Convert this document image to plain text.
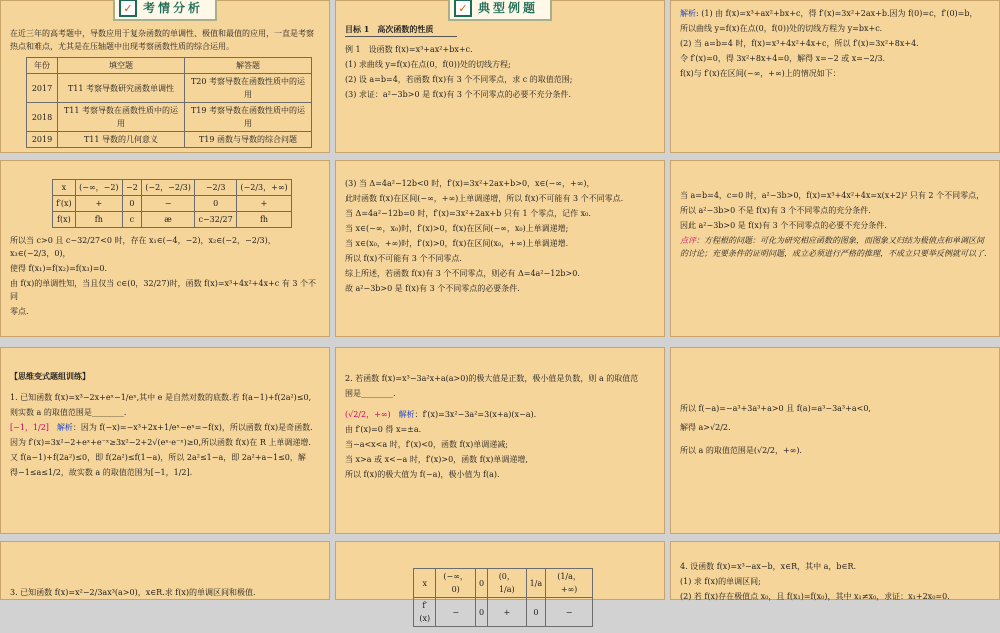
✓ 考情分析
在近三年的高考题中，导数应用于复杂函数的单调性、极值和最值的应用，一直是考察热点和难点，尤其是在压轴题中出现考察函数性质的综合运用。
年份	填空题	解答题
2017	T11 考察导数研究函数单调性	T20 考察导数在函数性质中的运用
2018	T11 考察导数在函数性质中的运用	T19 考察导数在函数性质中的运用
2019	T11 导数的几何意义	T19 函数与导数的综合问题
✓ 典型例题
目标 1　高次函数的性质
例 1　设函数 f(x)=x³+ax²+bx+c.
(1) 求曲线 y=f(x)在点(0，f(0))处的切线方程;
(2) 设 a=b=4，若函数 f(x)有 3 个不同零点，求 c 的取值范围;
(3) 求证：a²−3b>0 是 f(x)有 3 个不同零点的必要不充分条件.
解析: (1) 由 f(x)=x³+ax²+bx+c，得 f′(x)=3x²+2ax+b.因为 f(0)=c，f′(0)=b，
所以曲线 y=f(x)在点(0，f(0))处的切线方程为 y=bx+c.
(2) 当 a=b=4 时，f(x)=x³+4x²+4x+c，所以 f′(x)=3x²+8x+4.
令 f′(x)=0，得 3x²+8x+4=0，解得 x=−2 或 x=−2/3.
f(x)与 f′(x)在区间(−∞，+∞)上的情况如下：
x	(−∞，−2)	−2	(−2，−2/3)	−2/3	(−2/3，+∞)
f′(x)	+	0	−	0	+
f(x)	fh	c	æ	c−32/27	fh
所以当 c>0 且 c−32/27<0 时，存在 x₁∈(−4，−2)，x₂∈(−2，−2/3)，x₃∈(−2/3，0)，
使得 f(x₁)=f(x₂)=f(x₃)=0.
由 f(x)的单调性知，当且仅当 c∈(0，32/27)时，函数 f(x)=x³+4x²+4x+c 有 3 个不同
零点.
(3) 当 Δ=4a²−12b<0 时，f′(x)=3x²+2ax+b>0，x∈(−∞，+∞)，
此时函数 f(x)在区间(−∞，+∞)上单调递增，所以 f(x)不可能有 3 个不同零点.
当 Δ=4a²−12b=0 时，f′(x)=3x²+2ax+b 只有 1 个零点，记作 x₀.
当 x∈(−∞，x₀)时，f′(x)>0，f(x)在区间(−∞，x₀)上单调递增;
当 x∈(x₀，+∞)时，f′(x)>0，f(x)在区间(x₀，+∞)上单调递增.
所以 f(x)不可能有 3 个不同零点.
综上所述，若函数 f(x)有 3 个不同零点，则必有 Δ=4a²−12b>0.
故 a²−3b>0 是 f(x)有 3 个不同零点的必要条件.
当 a=b=4，c=0 时，a²−3b>0，f(x)=x³+4x²+4x=x(x+2)² 只有 2 个不同零点，
所以 a²−3b>0 不是 f(x)有 3 个不同零点的充分条件.
因此 a²−3b>0 是 f(x)有 3 个不同零点的必要不充分条件.
点评：方程根的问题：可化为研究相应函数的图象，而图象又归结为极值点和单调区间的讨论；充要条件的证明问题，成立必须进行严格的推理，不成立只要举反例就可以了.
【思维变式题组训练】
1. 已知函数 f(x)=x³−2x+eˣ−1/eˣ,其中 e 是自然对数的底数.若 f(a−1)+f(2a²)≤0,
则实数 a 的取值范围是________.
[−1，1/2]　 解析：因为 f(−x)=−x³+2x+1/eˣ−eˣ=−f(x)，所以函数 f(x)是奇函数.
因为 f′(x)=3x²−2+eˣ+e⁻ˣ≥3x²−2+2√(eˣ·e⁻ˣ)≥0,所以函数 f(x)在 R 上单调递增.
又 f(a−1)+f(2a²)≤0，即 f(2a²)≤f(1−a)，所以 2a²≤1−a，即 2a²+a−1≤0，解
得−1≤a≤1/2，故实数 a 的取值范围为[−1，1/2].
2. 若函数 f(x)=x³−3a²x+a(a>0)的极大值是正数，极小值是负数，则 a 的取值范
围是________.
(√2/2，+∞)　 解析：f′(x)=3x²−3a²=3(x+a)(x−a).
由 f′(x)=0 得 x=±a.
当−a<x<a 时，f′(x)<0，函数 f(x)单调递减;
当 x>a 或 x<−a 时，f′(x)>0，函数 f(x)单调递增,
所以 f(x)的极大值为 f(−a)，极小值为 f(a).
所以 f(−a)=−a³+3a³+a>0 且 f(a)=a³−3a³+a<0,
解得 a>√2/2.
所以 a 的取值范围是(√2/2，+∞).
3. 已知函数 f(x)=x²−2/3ax³(a>0)，x∈R.求 f(x)的单调区间和极值.
x	(−∞，0)	0	(0，1/a)	1/a	(1/a，+∞)
f′(x)	−	0	+	0	−
4. 设函数 f(x)=x³−ax−b，x∈R，其中 a，b∈R.
(1) 求 f(x)的单调区间;
(2) 若 f(x)存在极值点 x₀，且 f(x₁)=f(x₀)，其中 x₁≠x₀，求证：x₁+2x₀=0.
